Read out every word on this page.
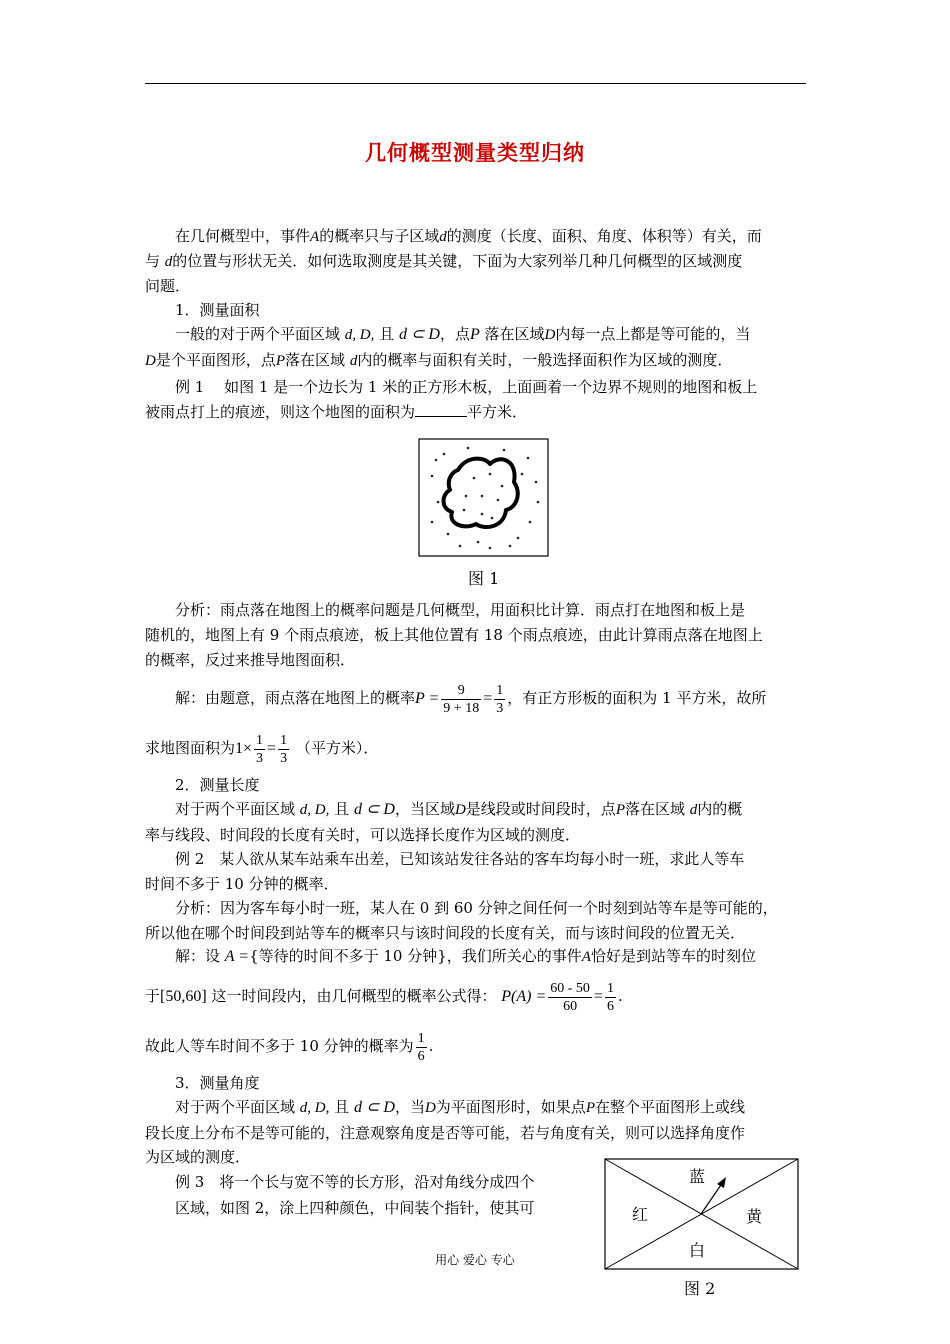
几何概型测量类型归纳
在几何概型中，事件A的概率只与子区域d的测度（长度、面积、角度、体积等）有关，而
与 d的位置与形状无关．如何选取测度是其关键，下面为大家列举几种几何概型的区域测度
问题．
1．测量面积
一般的对于两个平面区域 d, D, 且 d ⊂ D，点P 落在区域D内每一点上都是等可能的，当
D是个平面图形，点P落在区域 d内的概率与面积有关时，一般选择面积作为区域的测度．
例 1　 如图 1 是一个边长为 1 米的正方形木板，上面画着一个边界不规则的地图和板上
被雨点打上的痕迹，则这个地图的面积为	平方米．
图 1
分析：雨点落在地图上的概率问题是几何概型，用面积比计算．雨点打在地图和板上是
随机的，地图上有 9 个雨点痕迹，板上其他位置有 18 个雨点痕迹，由此计算雨点落在地图上
的概率，反过来推导地图面积．
解：由题意，雨点落在地图上的概率$P = \frac{9}{9 + 18} = \frac{1}{3}$ ，有正方形板的面积为 1 平方米，故所
求地图面积为$1\times \frac{1}{3} = \frac{1}{3}$ （平方米）．
2．测量长度
对于两个平面区域 d, D, 且 d ⊂ D，当区域D是线段或时间段时，点P落在区域 d内的概
率与线段、时间段的长度有关时，可以选择长度作为区域的测度．
例 2　某人欲从某车站乘车出差，已知该站发往各站的客车均每小时一班，求此人等车
时间不多于 10 分钟的概率．
分析：因为客车每小时一班，某人在 0 到 60 分钟之间任何一个时刻到站等车是等可能的，
所以他在哪个时间段到站等车的概率只与该时间段的长度有关，而与该时间段的位置无关．
解：设 A ={等待的时间不多于 10 分钟}，我们所关心的事件A恰好是到站等车的时刻位
于[50,60] 这一时间段内，由几何概型的概率公式得： $P(A) = \frac{60 - 50}{60} = \frac{1}{6}$ .
故此人等车时间不多于 10 分钟的概率为 $\frac{1}{6}$ .
3．测量角度
对于两个平面区域 d, D, 且 d ⊂ D，当D为平面图形时，如果点P在整个平面图形上或线
段长度上分布不是等可能的，注意观察角度是否等可能，若与角度有关，则可以选择角度作
为区域的测度．
例 3　将一个长与宽不等的长方形，沿对角线分成四个
区域，如图 2，涂上四种颜色，中间装个指针，使其可
蓝
红	黄
白
图 2
用心 爱心 专心
